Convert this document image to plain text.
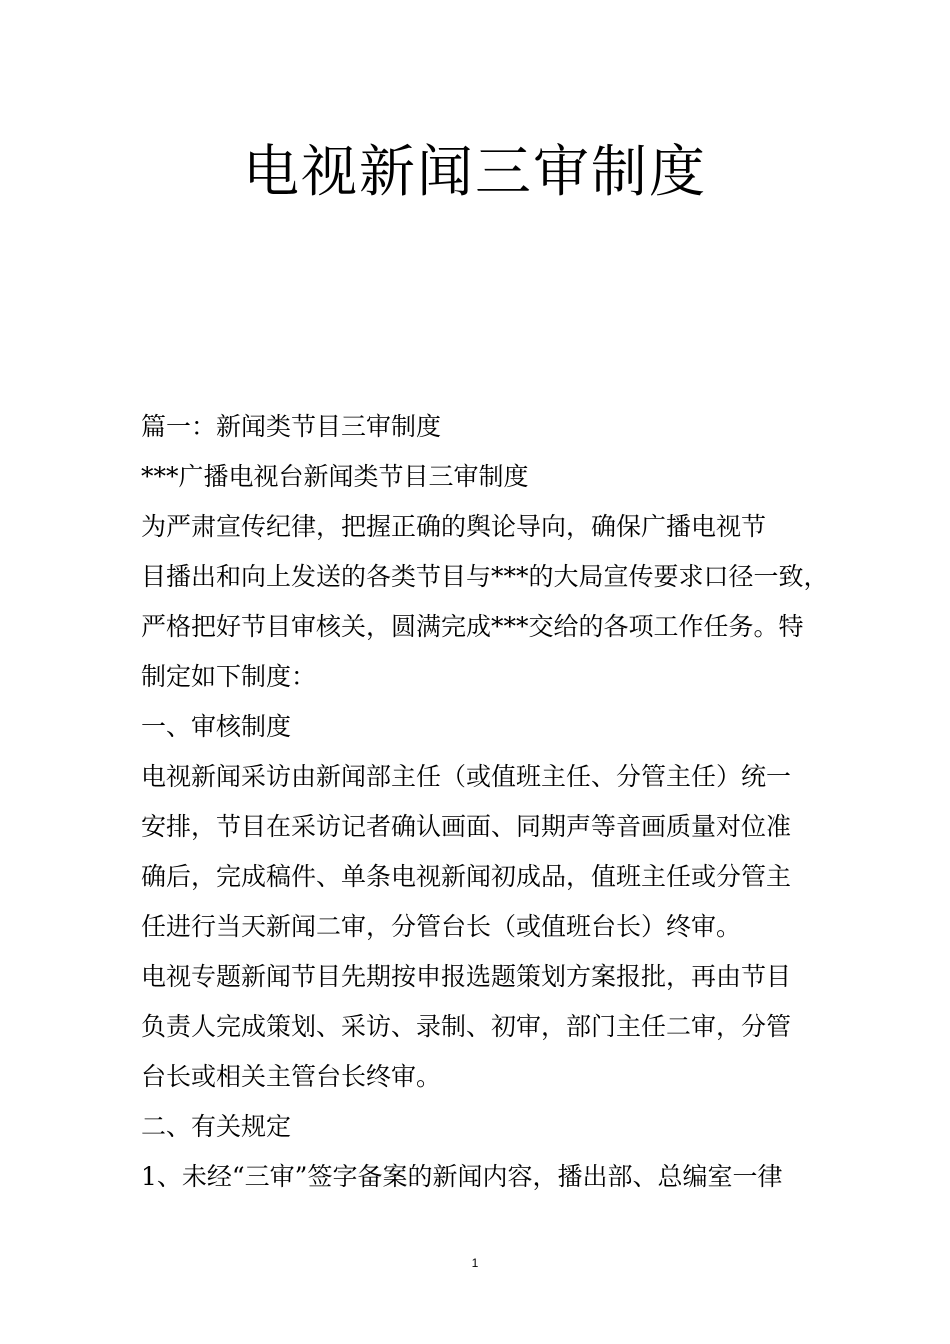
电视新闻三审制度
篇一：新闻类节目三审制度
***广播电视台新闻类节目三审制度
为严肃宣传纪律，把握正确的舆论导向，确保广播电视节
目播出和向上发送的各类节目与***的大局宣传要求口径一致，
严格把好节目审核关，圆满完成***交给的各项工作任务。特
制定如下制度：
一、审核制度
电视新闻采访由新闻部主任（或值班主任、分管主任）统一
安排，节目在采访记者确认画面、同期声等音画质量对位准
确后，完成稿件、单条电视新闻初成品，值班主任或分管主
任进行当天新闻二审，分管台长（或值班台长）终审。
电视专题新闻节目先期按申报选题策划方案报批，再由节目
负责人完成策划、采访、录制、初审，部门主任二审，分管
台长或相关主管台长终审。
二、有关规定
1、未经“三审”签字备案的新闻内容，播出部、总编室一律
1
